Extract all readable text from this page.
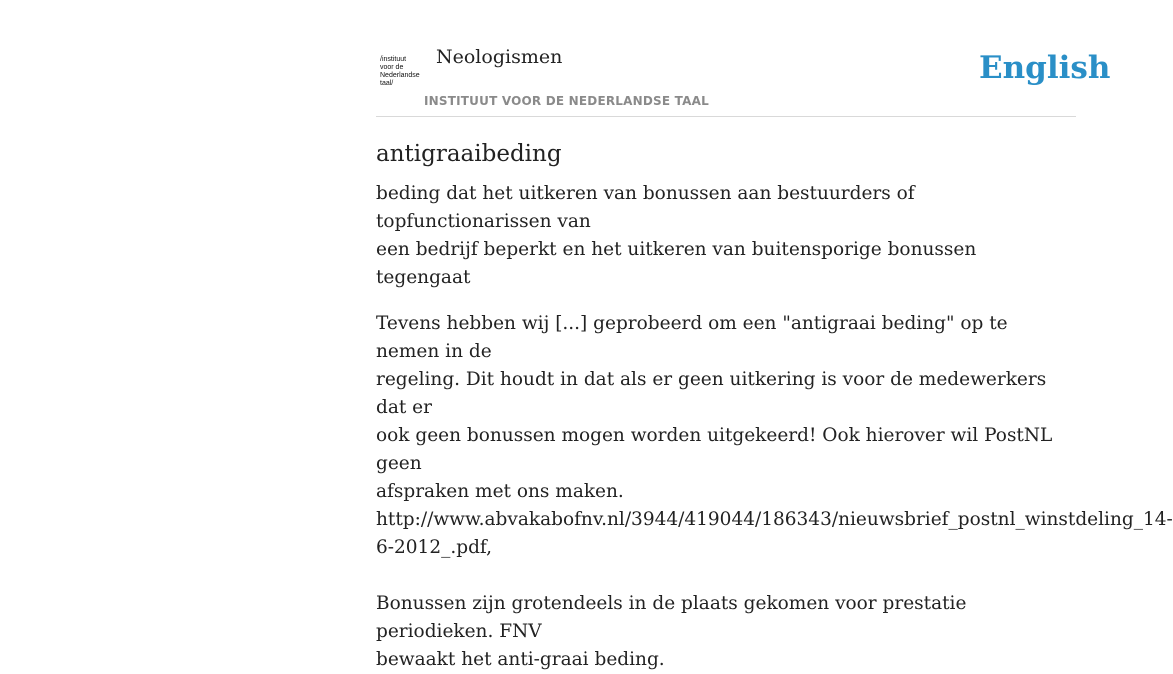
/instituut
voor de
Nederlandse
taal/
Neologismen
INSTITUUT VOOR DE NEDERLANDSE TAAL
English
antigraaibeding
beding dat het uitkeren van bonussen aan bestuurders of topfunctionarissen van
een bedrijf beperkt en het uitkeren van buitensporige bonussen tegengaat

Tevens hebben wij [...] geprobeerd om een "antigraai beding" op te nemen in de

regeling. Dit houdt in dat als er geen uitkering is voor de medewerkers dat er

ook geen bonussen mogen worden uitgekeerd! Ook hierover wil PostNL geen

afspraken met ons maken.

http://www.abvakabofnv.nl/3944/419044/186343/nieuwsbrief_postnl_winstdeling_14-

6-2012_.pdf,

Bonussen zijn grotendeels in de plaats gekomen voor prestatie periodieken. FNV

bewaakt het anti-graai beding.
